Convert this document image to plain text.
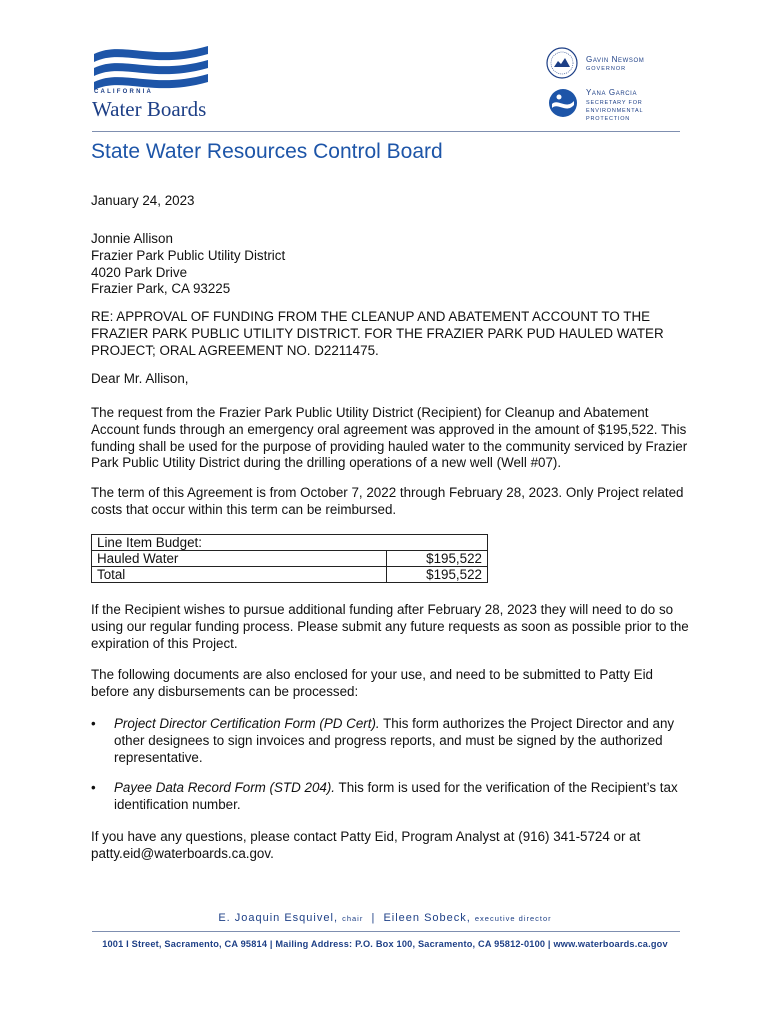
CALIFORNIA
Water Boards
Gavin Newsom
GOVERNOR
Yana Garcia
SECRETARY FOR ENVIRONMENTAL PROTECTION
State Water Resources Control Board
January 24, 2023
Jonnie Allison
Frazier Park Public Utility District
4020 Park Drive
Frazier Park, CA 93225
RE: APPROVAL OF FUNDING FROM THE CLEANUP AND ABATEMENT ACCOUNT TO THE FRAZIER PARK PUBLIC UTILITY DISTRICT. FOR THE FRAZIER PARK PUD HAULED WATER PROJECT; ORAL AGREEMENT NO. D2211475.
Dear Mr. Allison,
The request from the Frazier Park Public Utility District (Recipient) for Cleanup and Abatement Account funds through an emergency oral agreement was approved in the amount of $195,522. This funding shall be used for the purpose of providing hauled water to the community serviced by Frazier Park Public Utility District during the drilling operations of a new well (Well #07).
The term of this Agreement is from October 7, 2022 through February 28, 2023. Only Project related costs that occur within this term can be reimbursed.
Line Item Budget:	
Hauled Water	$195,522
Total	$195,522
If the Recipient wishes to pursue additional funding after February 28, 2023 they will need to do so using our regular funding process. Please submit any future requests as soon as possible prior to the expiration of this Project.
The following documents are also enclosed for your use, and need to be submitted to Patty Eid before any disbursements can be processed:
• Project Director Certification Form (PD Cert). This form authorizes the Project Director and any other designees to sign invoices and progress reports, and must be signed by the authorized representative.
• Payee Data Record Form (STD 204). This form is used for the verification of the Recipient’s tax identification number.
If you have any questions, please contact Patty Eid, Program Analyst at (916) 341-5724 or at patty.eid@waterboards.ca.gov.
E. Joaquin Esquivel, chair | Eileen Sobeck, executive director
1001 I Street, Sacramento, CA 95814 | Mailing Address: P.O. Box 100, Sacramento, CA 95812-0100 | www.waterboards.ca.gov
